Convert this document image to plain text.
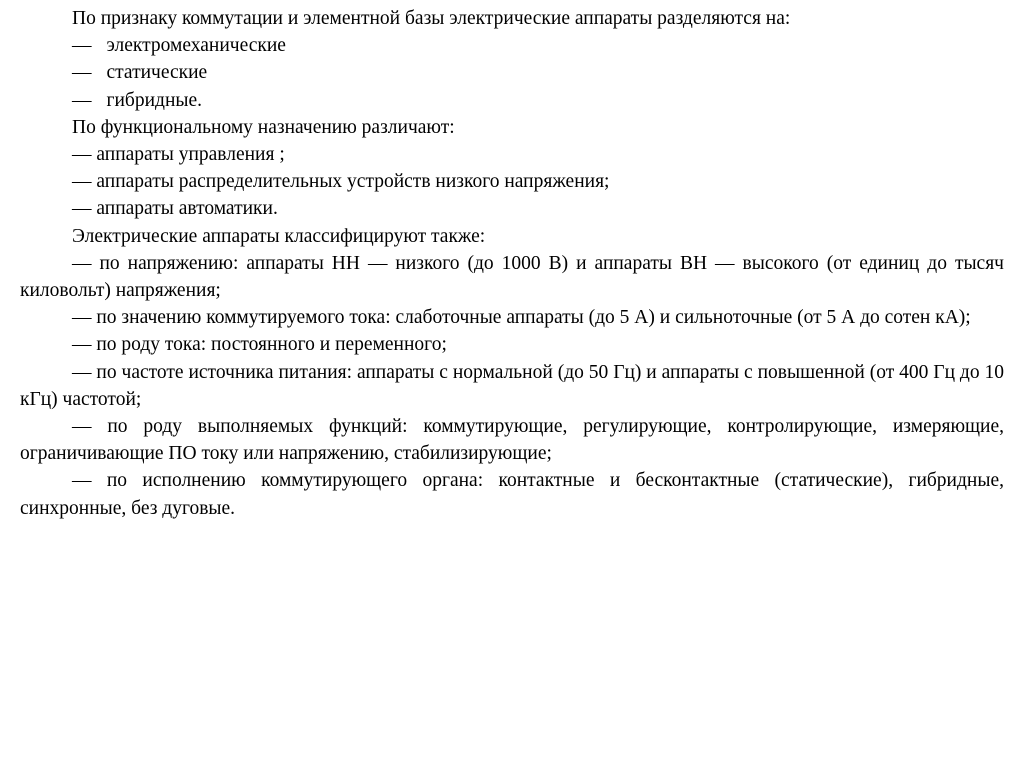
По признаку коммутации и элементной базы электрические аппараты разделяются на:

— электромеханические

— статические

— гибридные.

По функциональному назначению различают:

— аппараты управления ;

— аппараты распределительных устройств низкого напряжения;

— аппараты автоматики.

Электрические аппараты классифицируют также:

— по напряжению: аппараты НН — низкого (до 1000 В) и аппараты ВН — высокого (от единиц до тысяч киловольт) напряжения;

— по значению коммутируемого тока: слаботочные аппараты (до 5 А) и сильноточные (от 5 А до сотен кА);

— по роду тока: постоянного и переменного;

— по частоте источника питания: аппараты с нормальной (до 50 Гц) и аппараты с повышенной (от 400 Гц до 10 кГц) частотой;

— по роду выполняемых функций: коммутирующие, регулирующие, контролирующие, измеряющие, ограничивающие ПО току или напряжению, стабилизирующие;

— по исполнению коммутирующего органа: контактные и бесконтактные (статические), гибридные, синхронные, без дуговые.
